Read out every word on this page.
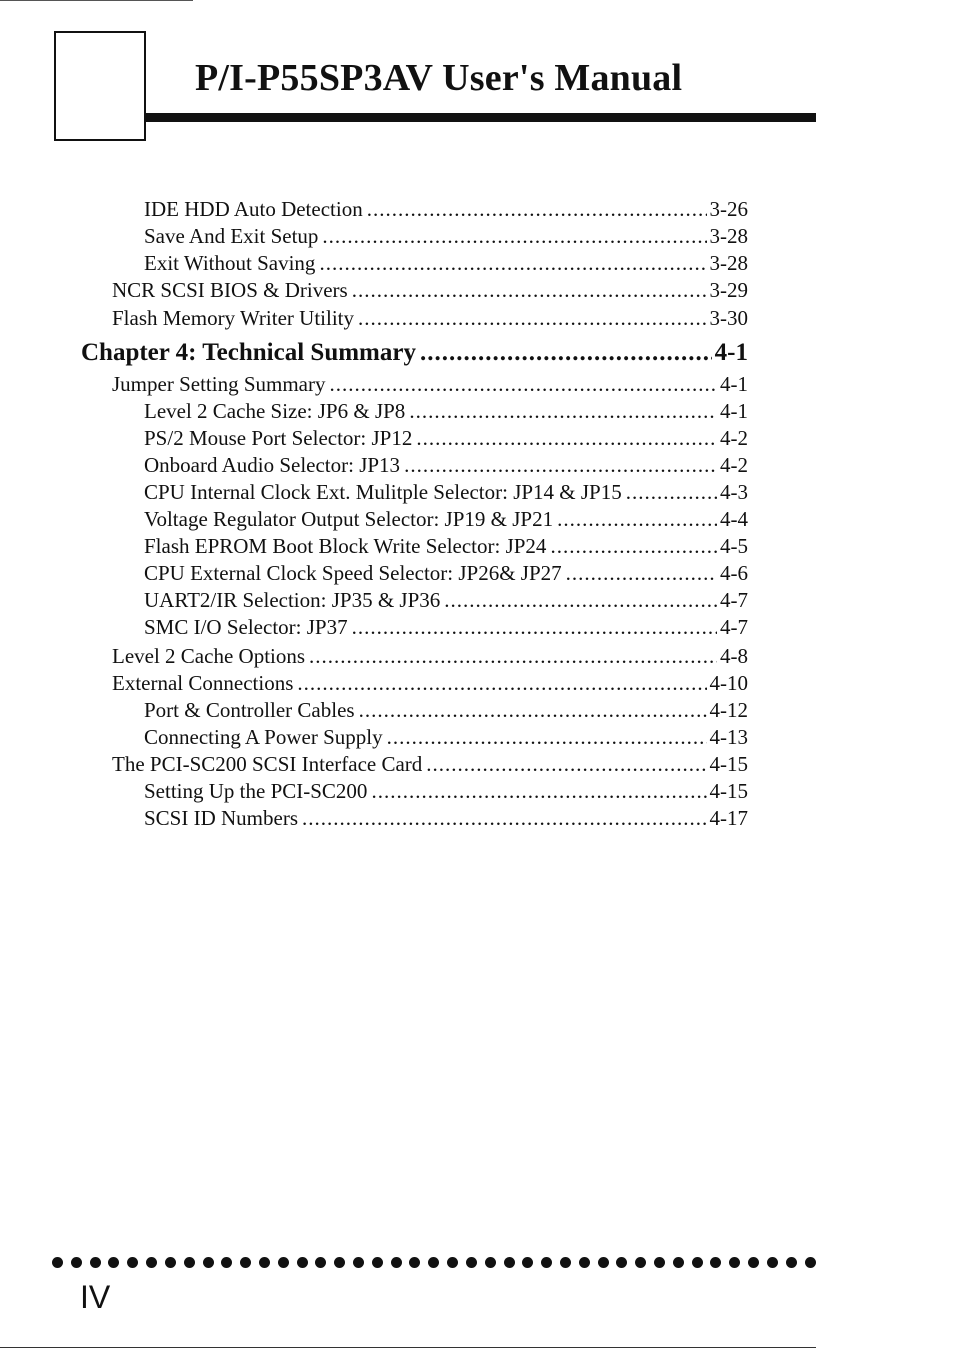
P/I-P55SP3AV User's Manual
IDE HDD Auto Detection .....	3-26
Save And Exit Setup .....	3-28
Exit Without Saving .....	3-28
NCR SCSI BIOS & Drivers .....	3-29
Flash Memory Writer Utility .....	3-30
Chapter 4: Technical Summary .....	4-1
Jumper Setting Summary .....	4-1
Level 2 Cache Size: JP6 & JP8 .....	4-1
PS/2 Mouse Port Selector: JP12 .....	4-2
Onboard Audio Selector: JP13 .....	4-2
CPU Internal Clock Ext. Mulitple Selector: JP14 & JP15 .....	4-3
Voltage Regulator Output Selector: JP19 & JP21 .....	4-4
Flash EPROM Boot Block Write Selector: JP24 .....	4-5
CPU External Clock Speed Selector: JP26& JP27 .....	4-6
UART2/IR Selection: JP35 & JP36 .....	4-7
SMC I/O Selector: JP37 .....	4-7
Level 2 Cache Options .....	4-8
External Connections .....	4-10
Port & Controller Cables .....	4-12
Connecting A Power Supply .....	4-13
The PCI-SC200 SCSI Interface Card .....	4-15
Setting Up the PCI-SC200 .....	4-15
SCSI ID Numbers .....	4-17
IV
